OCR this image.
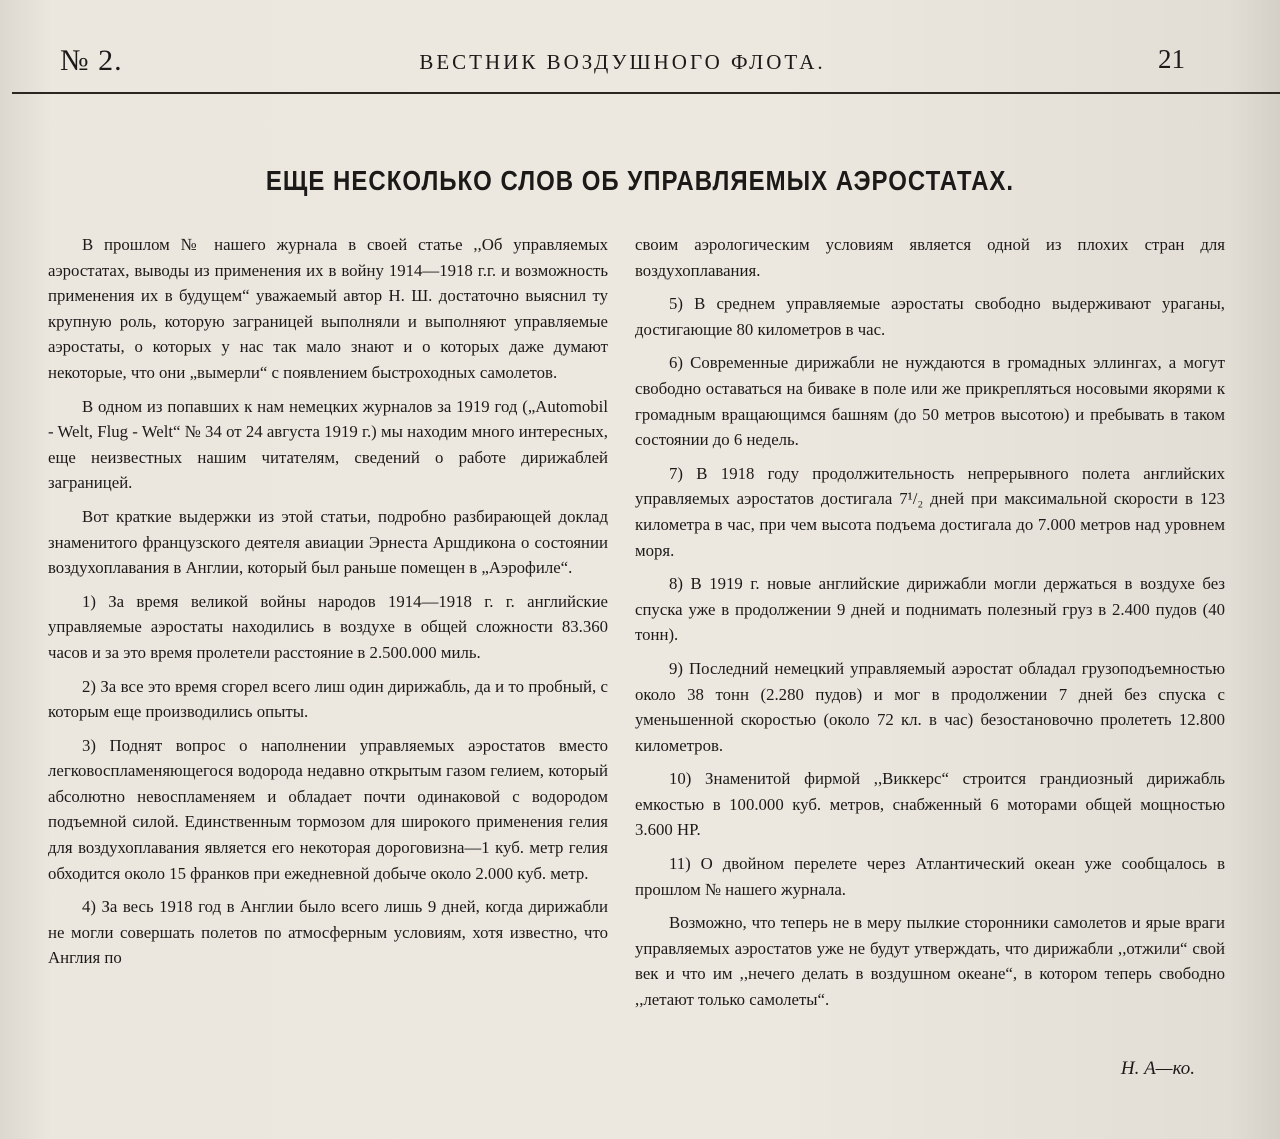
№ 2.	ВЕСТНИК ВОЗДУШНОГО ФЛОТА.	21
ЕЩЕ НЕСКОЛЬКО СЛОВ ОБ УПРАВЛЯЕМЫХ АЭРОСТАТАХ.

В прошлом № нашего журнала в своей статье ,,Об управляемых аэростатах, выводы из применения их в войну 1914—1918 г.г. и возможность применения их в будущем“ уважаемый автор Н. Ш. достаточно выяснил ту крупную роль, которую заграницей выполняли и выполняют управляемые аэростаты, о которых у нас так мало знают и о которых даже думают некоторые, что они „вымерли“ с появлением быстроходных самолетов.

В одном из попавших к нам немецких журналов за 1919 год („Automobil - Welt, Flug - Welt“ № 34 от 24 августа 1919 г.) мы находим много интересных, еще неизвестных нашим читателям, сведений о работе дирижаблей заграницей.

Вот краткие выдержки из этой статьи, подробно разбирающей доклад знаменитого французского деятеля авиации Эрнеста Аршдикона о состоянии воздухоплавания в Англии, который был раньше помещен в „Аэрофиле“.

1) За время великой войны народов 1914—1918 г. г. английские управляемые аэростаты находились в воздухе в общей сложности 83.360 часов и за это время пролетели расстояние в 2.500.000 миль.

2) За все это время сгорел всего лиш один дирижабль, да и то пробный, с которым еще производились опыты.

3) Поднят вопрос о наполнении управляемых аэростатов вместо легковоспламеняющегося водорода недавно открытым газом гелием, который абсолютно невоспламеняем и обладает почти одинаковой с водородом подъемной силой. Единственным тормозом для широкого применения гелия для воздухоплавания является его некоторая дороговизна—1 куб. метр гелия обходится около 15 франков при ежедневной добыче около 2.000 куб. метр.

4) За весь 1918 год в Англии было всего лишь 9 дней, когда дирижабли не могли совершать полетов по атмосферным условиям, хотя известно, что Англия по

своим аэрологическим условиям является одной из плохих стран для воздухоплавания.

5) В среднем управляемые аэростаты свободно выдерживают ураганы, достигающие 80 километров в час.

6) Современные дирижабли не нуждаются в громадных эллингах, а могут свободно оставаться на бивакe в поле или же прикрепляться носовыми якорями к громадным вращающимся башням (до 50 метров высотою) и пребывать в таком состоянии до 6 недель.

7) В 1918 году продолжительность непрерывного полета английских управляемых аэростатов достигала 7¹/₂ дней при максимальной скорости в 123 километра в час, при чем высота подъема достигала до 7.000 метров над уровнем моря.

8) В 1919 г. новые английские дирижабли могли держаться в воздухе без спуска уже в продолжении 9 дней и поднимать полезный груз в 2.400 пудов (40 тонн).

9) Последний немецкий управляемый аэростат обладал грузоподъемностью около 38 тонн (2.280 пудов) и мог в продолжении 7 дней без спуска с уменьшенной скоростью (около 72 кл. в час) безостановочно пролететь 12.800 километров.

10) Знаменитой фирмой ,,Виккерс“ строится грандиозный дирижабль емкостью в 100.000 куб. метров, снабженный 6 моторами общей мощностью 3.600 HP.

11) О двойном перелете через Атлантический океан уже сообщалось в прошлом № нашего журнала.

Возможно, что теперь не в меру пылкие сторонники самолетов и ярые враги управляемых аэростатов уже не будут утверждать, что дирижабли ,,отжили“ свой век и что им ,,нечего делать в воздушном океане“, в котором теперь свободно ,,летают только самолеты“.

Н. А—ко.
